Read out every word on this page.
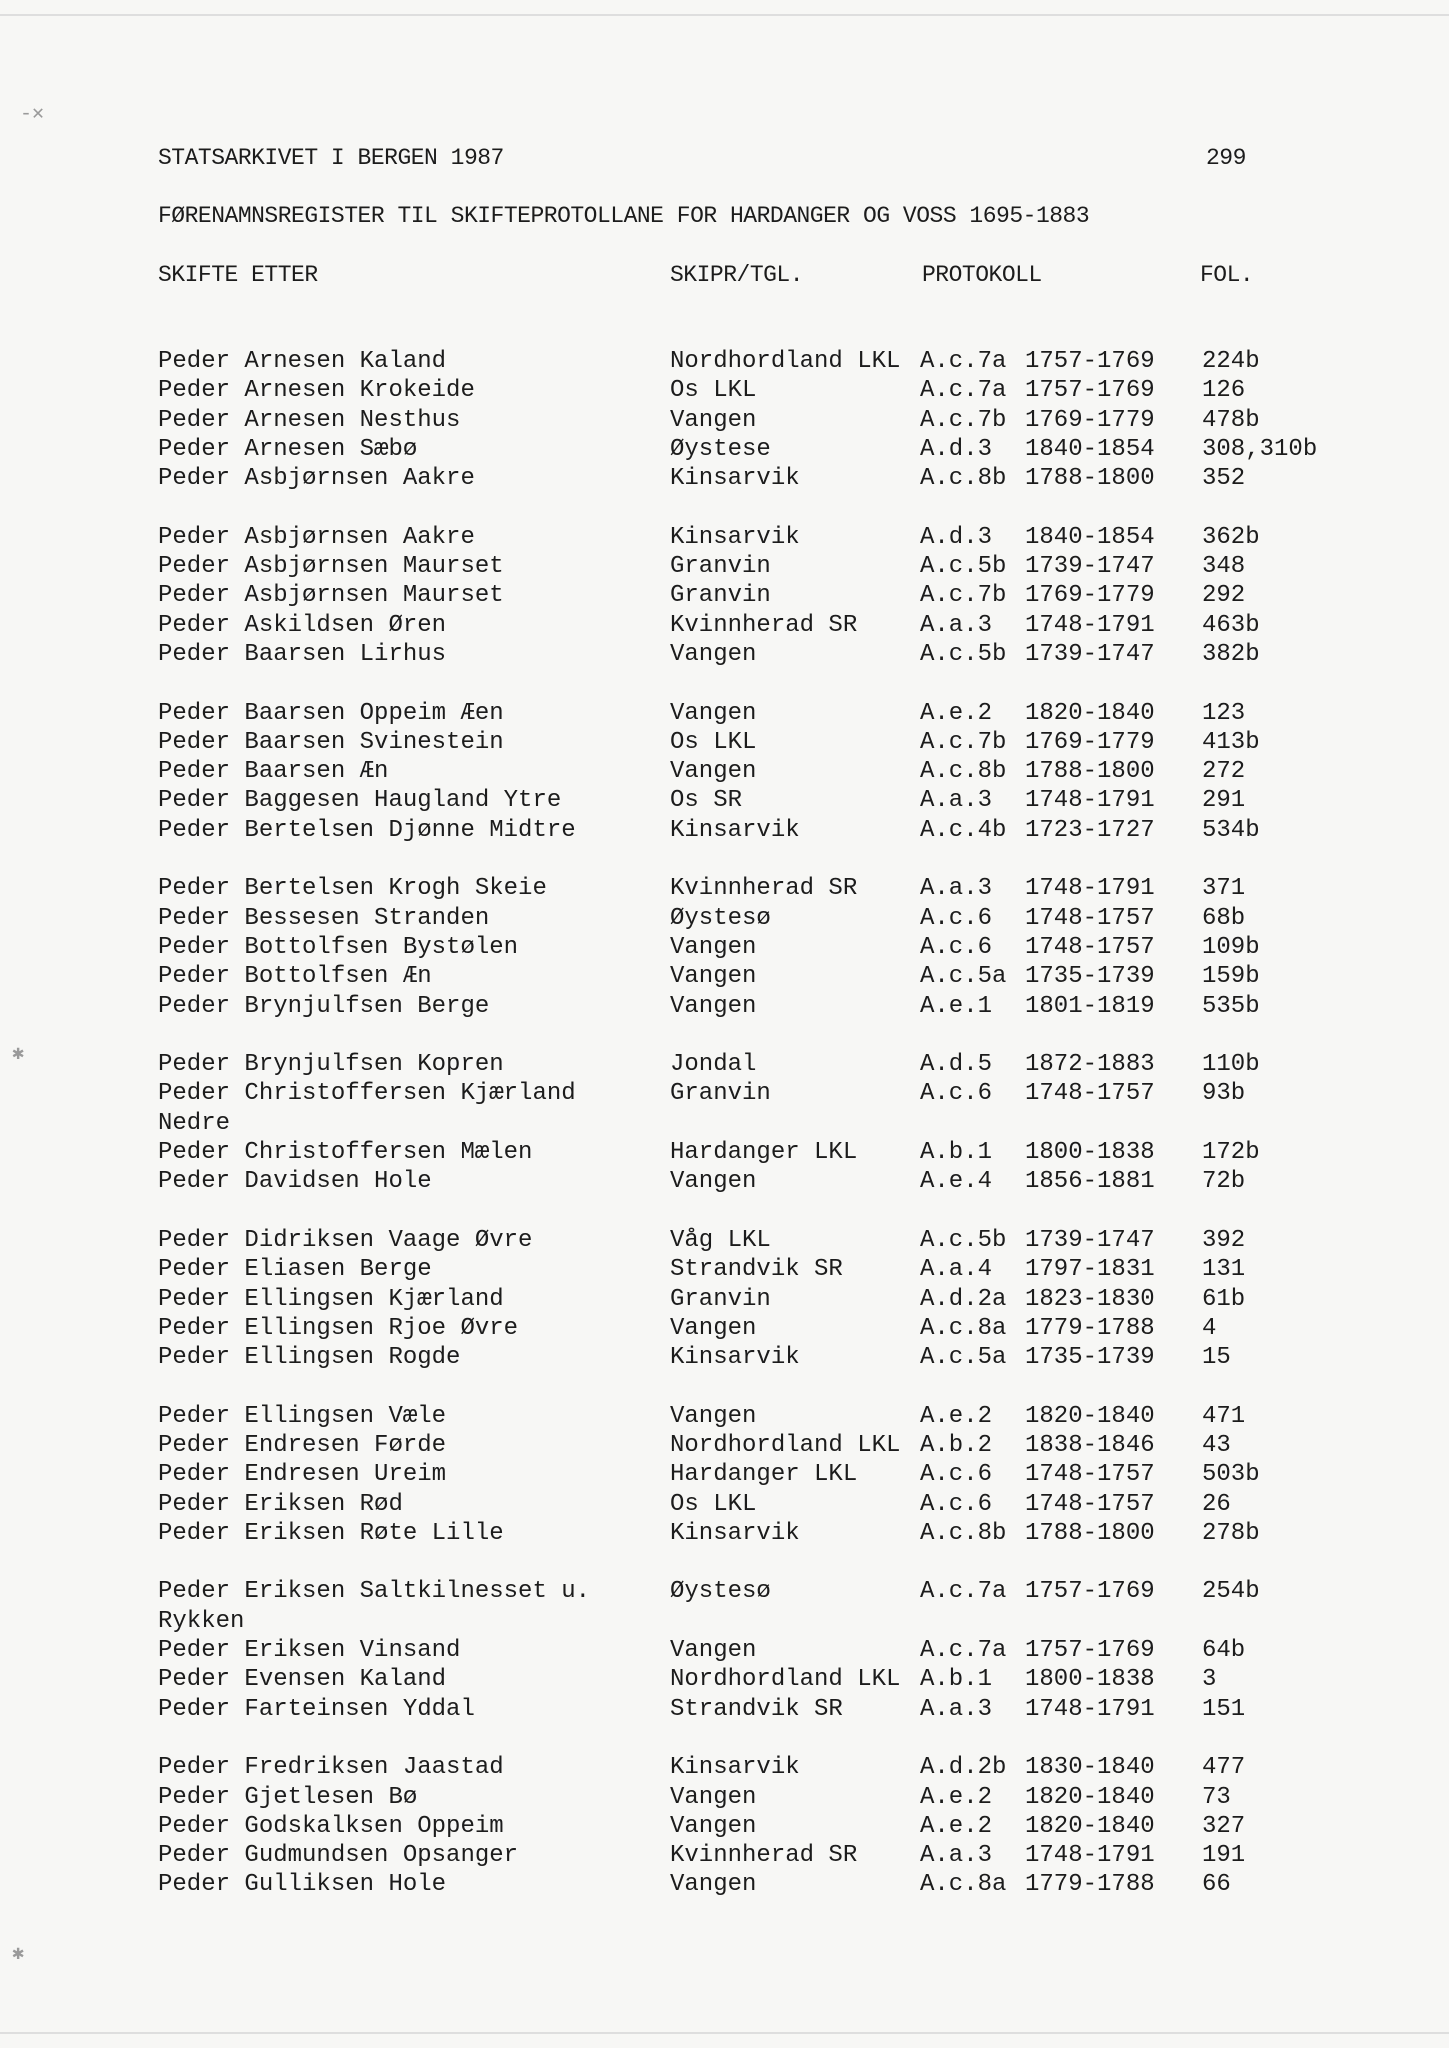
-✕
✱
✱
STATSARKIVET I BERGEN 1987	299
FØRENAMNSREGISTER TIL SKIFTEPROTOLLANE FOR HARDANGER OG VOSS 1695-1883
SKIFTE ETTER	SKIPR/TGL.	PROTOKOLL	FOL.
Peder Arnesen Kaland	Nordhordland LKL A.c.7a 1757-1769 224b
Peder Arnesen Krokeide	Os LKL	A.c.7a 1757-1769 126
Peder Arnesen Nesthus	Vangen	A.c.7b 1769-1779 478b
Peder Arnesen Sæbø	Øystese	A.d.3 1840-1854 308,310b
Peder Asbjørnsen Aakre	Kinsarvik	A.c.8b 1788-1800 352
Peder Asbjørnsen Aakre	Kinsarvik	A.d.3 1840-1854 362b
Peder Asbjørnsen Maurset	Granvin	A.c.5b 1739-1747 348
Peder Asbjørnsen Maurset	Granvin	A.c.7b 1769-1779 292
Peder Askildsen Øren	Kvinnherad SR	A.a.3 1748-1791 463b
Peder Baarsen Lirhus	Vangen	A.c.5b 1739-1747 382b
Peder Baarsen Oppeim Æen	Vangen	A.e.2 1820-1840 123
Peder Baarsen Svinestein	Os LKL	A.c.7b 1769-1779 413b
Peder Baarsen Æn	Vangen	A.c.8b 1788-1800 272
Peder Baggesen Haugland Ytre	Os SR	A.a.3 1748-1791 291
Peder Bertelsen Djønne Midtre	Kinsarvik	A.c.4b 1723-1727 534b
Peder Bertelsen Krogh Skeie	Kvinnherad SR	A.a.3 1748-1791 371
Peder Bessesen Stranden	Øystesø	A.c.6 1748-1757 68b
Peder Bottolfsen Bystølen	Vangen	A.c.6 1748-1757 109b
Peder Bottolfsen Æn	Vangen	A.c.5a 1735-1739 159b
Peder Brynjulfsen Berge	Vangen	A.e.1 1801-1819 535b
Peder Brynjulfsen Kopren	Jondal	A.d.5 1872-1883 110b
Peder Christoffersen Kjærland	Granvin	A.c.6 1748-1757 93b
Nedre
Peder Christoffersen Mælen	Hardanger LKL	A.b.1 1800-1838 172b
Peder Davidsen Hole	Vangen	A.e.4 1856-1881 72b
Peder Didriksen Vaage Øvre	Våg LKL	A.c.5b 1739-1747 392
Peder Eliasen Berge	Strandvik SR	A.a.4 1797-1831 131
Peder Ellingsen Kjærland	Granvin	A.d.2a 1823-1830 61b
Peder Ellingsen Rjoe Øvre	Vangen	A.c.8a 1779-1788 4
Peder Ellingsen Rogde	Kinsarvik	A.c.5a 1735-1739 15
Peder Ellingsen Væle	Vangen	A.e.2 1820-1840 471
Peder Endresen Førde	Nordhordland LKL A.b.2 1838-1846 43
Peder Endresen Ureim	Hardanger LKL	A.c.6 1748-1757 503b
Peder Eriksen Rød	Os LKL	A.c.6 1748-1757 26
Peder Eriksen Røte Lille	Kinsarvik	A.c.8b 1788-1800 278b
Peder Eriksen Saltkilnesset u.	Øystesø	A.c.7a 1757-1769 254b
Rykken
Peder Eriksen Vinsand	Vangen	A.c.7a 1757-1769 64b
Peder Evensen Kaland	Nordhordland LKL A.b.1 1800-1838 3
Peder Farteinsen Yddal	Strandvik SR	A.a.3 1748-1791 151
Peder Fredriksen Jaastad	Kinsarvik	A.d.2b 1830-1840 477
Peder Gjetlesen Bø	Vangen	A.e.2 1820-1840 73
Peder Godskalksen Oppeim	Vangen	A.e.2 1820-1840 327
Peder Gudmundsen Opsanger	Kvinnherad SR	A.a.3 1748-1791 191
Peder Gulliksen Hole	Vangen	A.c.8a 1779-1788 66
